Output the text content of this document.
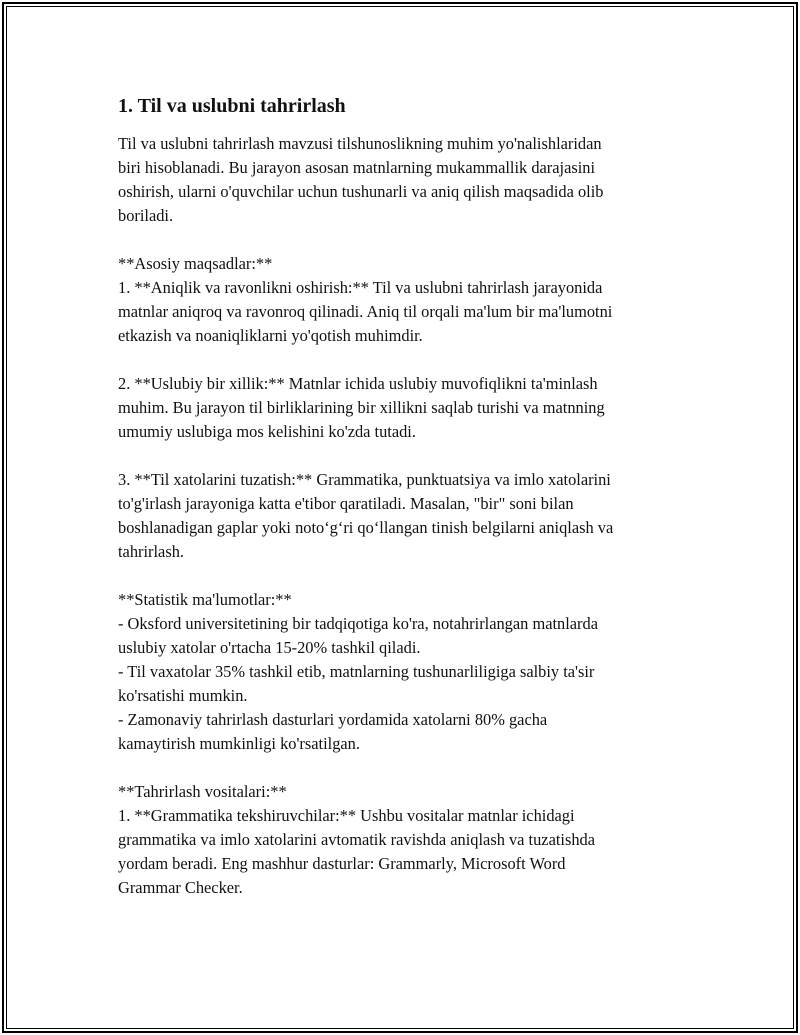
1. Til va uslubni tahrirlash
Til va uslubni tahrirlash mavzusi tilshunoslikning muhim yo'nalishlaridan
biri hisoblanadi. Bu jarayon asosan matnlarning mukammallik darajasini
oshirish, ularni o'quvchilar uchun tushunarli va aniq qilish maqsadida olib
boriladi.
**Asosiy maqsadlar:**
1. **Aniqlik va ravonlikni oshirish:** Til va uslubni tahrirlash jarayonida
matnlar aniqroq va ravonroq qilinadi. Aniq til orqali ma'lum bir ma'lumotni
etkazish va noaniqliklarni yo'qotish muhimdir.
2. **Uslubiy bir xillik:** Matnlar ichida uslubiy muvofiqlikni ta'minlash
muhim. Bu jarayon til birliklarining bir xillikni saqlab turishi va matnning
umumiy uslubiga mos kelishini ko'zda tutadi.
3. **Til xatolarini tuzatish:** Grammatika, punktuatsiya va imlo xatolarini
to'g'irlash jarayoniga katta e'tibor qaratiladi. Masalan, "bir" soni bilan
boshlanadigan gaplar yoki noto‘g‘ri qo‘llangan tinish belgilarni aniqlash va
tahrirlash.
**Statistik ma'lumotlar:**
- Oksford universitetining bir tadqiqotiga ko'ra, notahrirlangan matnlarda
uslubiy xatolar o'rtacha 15-20% tashkil qiladi.
- Til vaxatolar 35% tashkil etib, matnlarning tushunarliligiga salbiy ta'sir
ko'rsatishi mumkin.
- Zamonaviy tahrirlash dasturlari yordamida xatolarni 80% gacha
kamaytirish mumkinligi ko'rsatilgan.
**Tahrirlash vositalari:**
1. **Grammatika tekshiruvchilar:** Ushbu vositalar matnlar ichidagi
grammatika va imlo xatolarini avtomatik ravishda aniqlash va tuzatishda
yordam beradi. Eng mashhur dasturlar: Grammarly, Microsoft Word
Grammar Checker.
